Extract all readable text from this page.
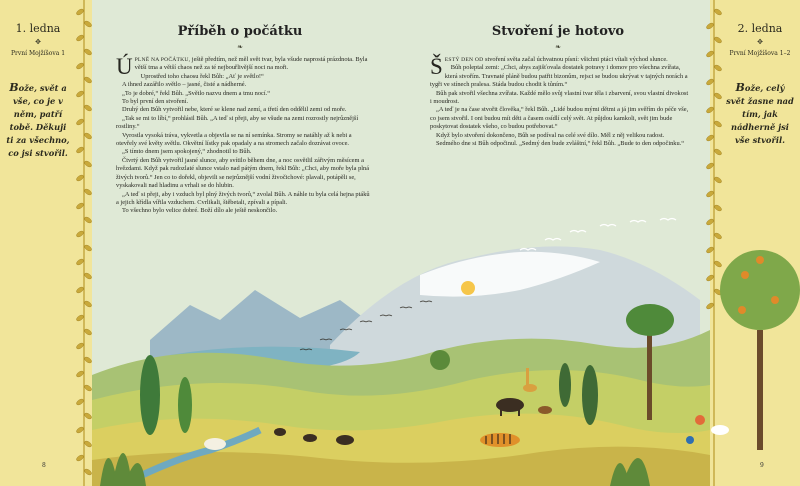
1. ledna
✥
První Mojžíšova 1
Bože, svět a vše, co je v něm, patří tobě. Děkuji ti za všechno, co jsi stvořil.
2. ledna
✥
První Mojžíšova 1–2
Bože, celý svět žasne nad tím, jak nádherně jsi vše stvořil.
Příběh o počátku
❧

ÚPLNĚ NA POČÁTKU, ještě předtím, než měl svět tvar, byla všude naprostá prázdnota. Byla větší tma a větší chaos než za té nejbouřlivější noci na moři.

Uprostřed toho chaosu řekl Bůh: „Ať je světlo!“

A ihned zazářilo světlo – jasné, čisté a nádherné.

„To je dobré,“ řekl Bůh. „Světlo nazvu dnem a tmu nocí.“

To byl první den stvoření.

Druhý den Bůh vytvořil nebe, které se klene nad zemí, a třetí den oddělil zemi od moře.

„Tak se mi to líbí,“ prohlásil Bůh. „A teď si přeji, aby se všude na zemi rozrostly nejrůznější rostliny.“

Vyrostla vysoká tráva, vykvetla a objevila se na ní semínka. Stromy se natáhly až k nebi a otevřely své květy světlu. Okvětní lístky pak opadaly a na stromech začalo dozrávat ovoce.

„S tímto dnem jsem spokojený,“ zhodnotil to Bůh.

Čtvrtý den Bůh vytvořil jasné slunce, aby svítilo během dne, a noc osvětlil zářivým měsícem a hvězdami. Když pak rudozlaté slunce vstalo nad pátým dnem, řekl Bůh: „Chci, aby moře byla plná živých tvorů.“ Jen co to dořekl, objevili se nejrůznější vodní živočichové: plavali, potápěli se, vyskakovali nad hladinu a vrhali se do hlubin.

„A teď si přeji, aby i vzduch byl plný živých tvorů,“ zvolal Bůh. A náhle tu byla celá hejna ptáků a jejich křídla vířila vzduchem. Cvrlikali, štěbetali, zpívali a pípali.

To všechno bylo velice dobré. Boží dílo ale ještě neskončilo.

Stvoření je hotovo
❧

ŠESTÝ DEN OD stvoření světa začal úchvatnou písní: všichni ptáci vítali východ slunce.

Bůh poleptal zemi: „Chci, abys zajišťovala dostatek potravy i domov pro všechna zvířata, která stvořím. Travnaté pláně budou patřit bizonům, rejsci se budou ukrývat v tajných norách a tygři ve stínech pralesa. Stáda budou chodit k tůním.“

Bůh pak stvořil všechna zvířata. Každé mělo svůj vlastní tvar těla i zbarvení, svou vlastní divokost i moudrost.

„A teď je na čase stvořit člověka,“ řekl Bůh. „Lidé budou mými dětmi a já jim svěřím do péče vše, co jsem stvořil. I oni budou mít děti a časem osídlí celý svět. At půjdou kamkoli, svět jim bude poskytovat dostatek všeho, co budou potřebovat.“

Když bylo stvoření dokončeno, Bůh se podíval na celé své dílo. Měl z něj velikou radost.

Sedmého dne si Bůh odpočinul. „Sedmý den bude zvláštní,“ řekl Bůh. „Bude to den odpočinku.“

8	9
